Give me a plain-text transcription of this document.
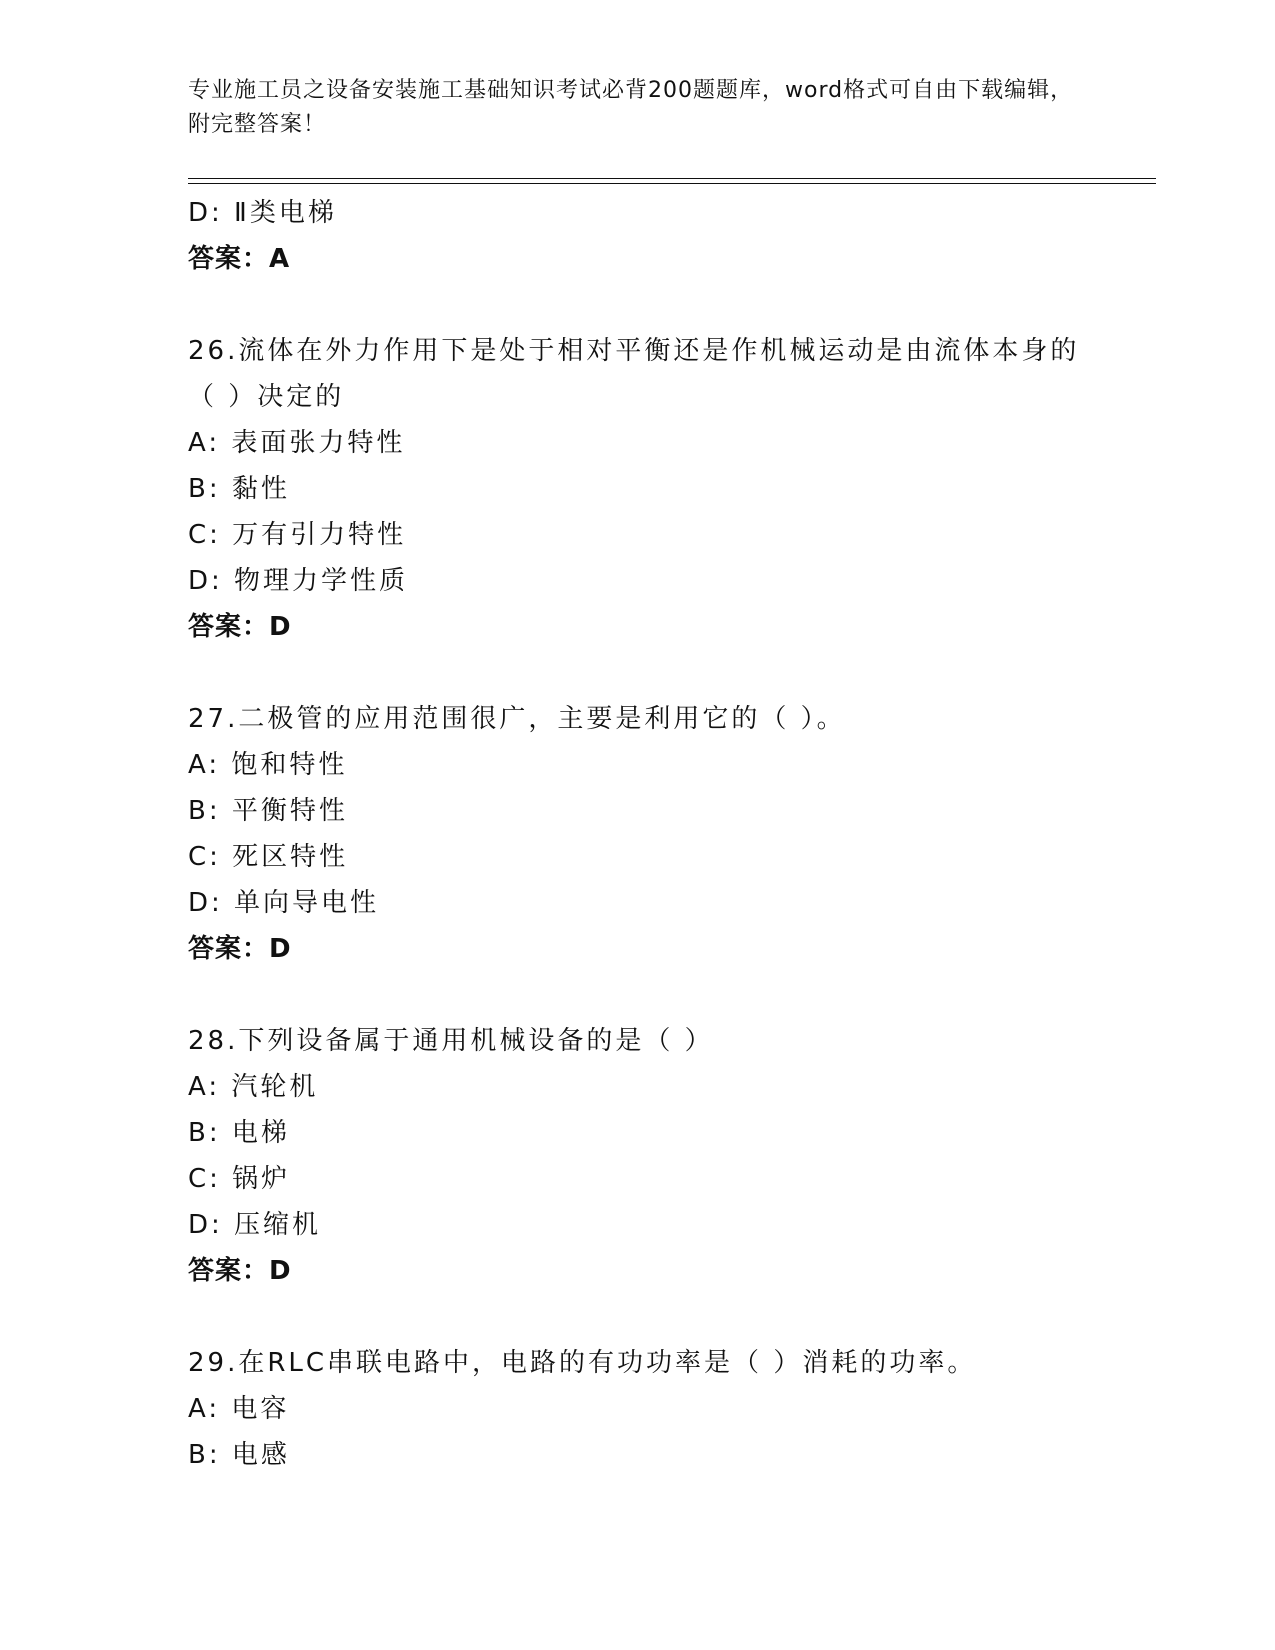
专业施工员之设备安装施工基础知识考试必背200题题库，word格式可自由下载编辑，附完整答案！
D: Ⅱ类电梯
答案：A
26.流体在外力作用下是处于相对平衡还是作机械运动是由流体本身的
（ ）决定的
A: 表面张力特性
B: 黏性
C: 万有引力特性
D: 物理力学性质
答案：D
27.二极管的应用范围很广，主要是利用它的（ ）。
A: 饱和特性
B: 平衡特性
C: 死区特性
D: 单向导电性
答案：D
28.下列设备属于通用机械设备的是（ ）
A: 汽轮机
B: 电梯
C: 锅炉
D: 压缩机
答案：D
29.在RLC串联电路中，电路的有功功率是（ ）消耗的功率。
A: 电容
B: 电感
